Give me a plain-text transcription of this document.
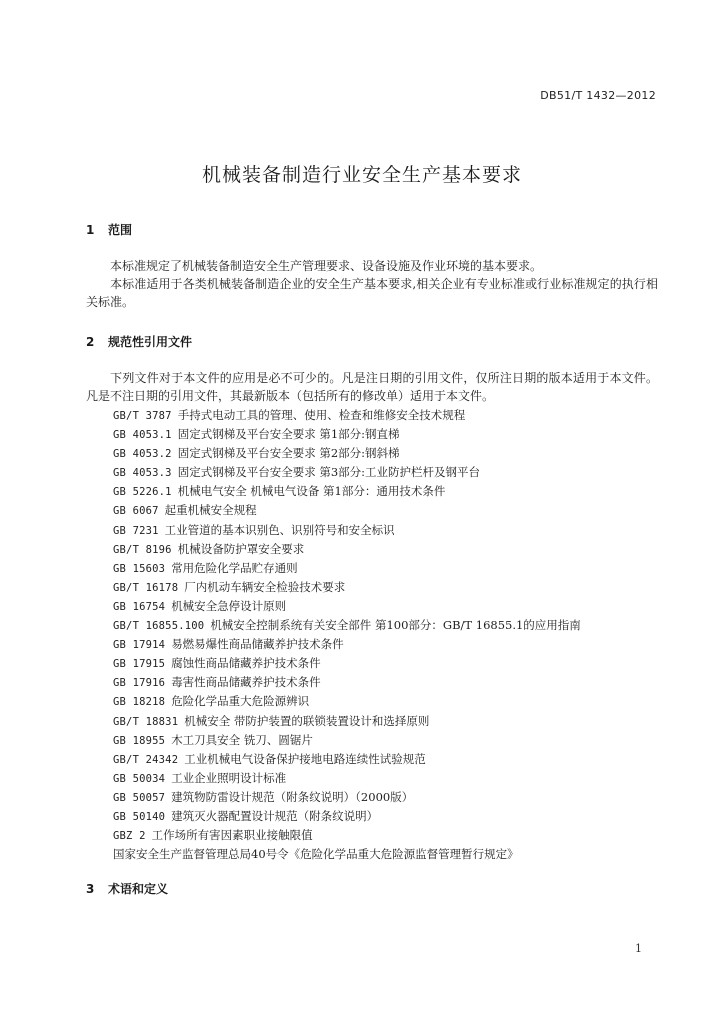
DB51/T 1432—2012
机械装备制造行业安全生产基本要求
1 范围
本标准规定了机械装备制造安全生产管理要求、设备设施及作业环境的基本要求。
本标准适用于各类机械装备制造企业的安全生产基本要求,相关企业有专业标准或行业标准规定的执行相关标准。
2 规范性引用文件
下列文件对于本文件的应用是必不可少的。凡是注日期的引用文件，仅所注日期的版本适用于本文件。凡是不注日期的引用文件，其最新版本（包括所有的修改单）适用于本文件。
GB/T 3787 手持式电动工具的管理、使用、检查和维修安全技术规程
GB 4053.1 固定式钢梯及平台安全要求 第1部分:钢直梯
GB 4053.2 固定式钢梯及平台安全要求 第2部分:钢斜梯
GB 4053.3 固定式钢梯及平台安全要求 第3部分:工业防护栏杆及钢平台
GB 5226.1 机械电气安全 机械电气设备 第1部分：通用技术条件
GB 6067 起重机械安全规程
GB 7231 工业管道的基本识别色、识别符号和安全标识
GB/T 8196 机械设备防护罩安全要求
GB 15603 常用危险化学品贮存通则
GB/T 16178 厂内机动车辆安全检验技术要求
GB 16754 机械安全急停设计原则
GB/T 16855.100 机械安全控制系统有关安全部件 第100部分：GB/T 16855.1的应用指南
GB 17914 易燃易爆性商品储藏养护技术条件
GB 17915 腐蚀性商品储藏养护技术条件
GB 17916 毒害性商品储藏养护技术条件
GB 18218 危险化学品重大危险源辨识
GB/T 18831 机械安全 带防护装置的联锁装置设计和选择原则
GB 18955 木工刀具安全 铣刀、圆锯片
GB/T 24342 工业机械电气设备保护接地电路连续性试验规范
GB 50034 工业企业照明设计标准
GB 50057 建筑物防雷设计规范（附条纹说明）（2000版）
GB 50140 建筑灭火器配置设计规范（附条纹说明）
GBZ 2 工作场所有害因素职业接触限值
国家安全生产监督管理总局40号令《危险化学品重大危险源监督管理暂行规定》
3 术语和定义
1
